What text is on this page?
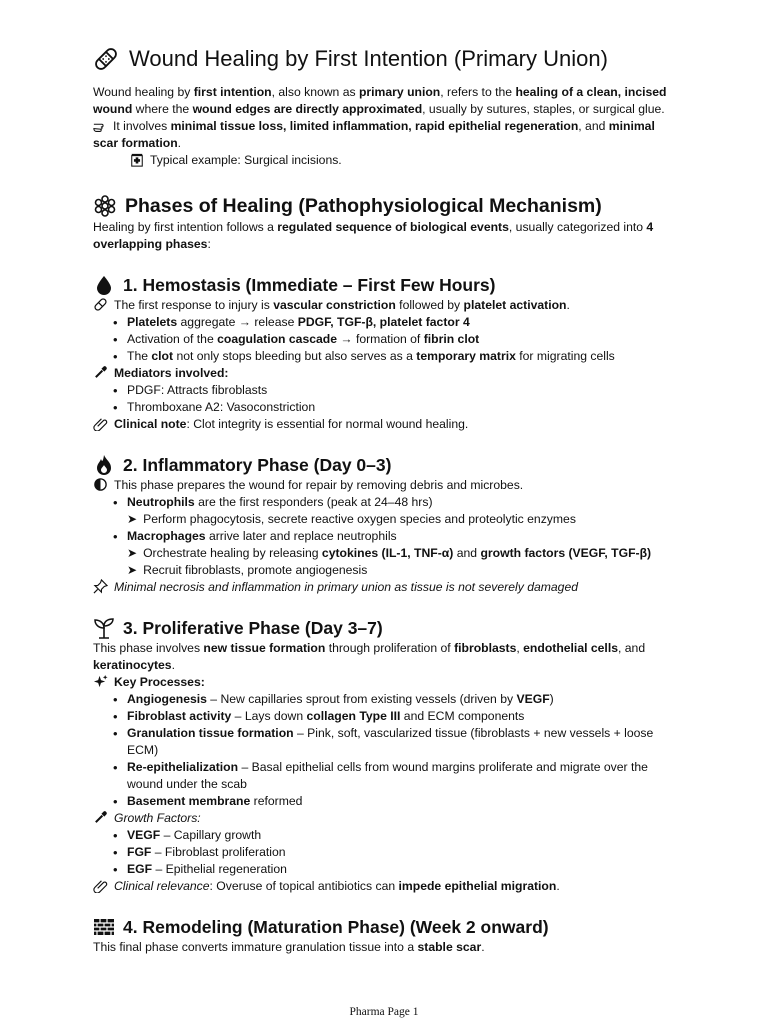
Wound Healing by First Intention (Primary Union)

Wound healing by first intention, also known as primary union, refers to the healing of a clean, incised wound where the wound edges are directly approximated, usually by sutures, staples, or surgical glue.

It involves minimal tissue loss, limited inflammation, rapid epithelial regeneration, and minimal scar formation.

Typical example: Surgical incisions.

Phases of Healing (Pathophysiological Mechanism)

Healing by first intention follows a regulated sequence of biological events, usually categorized into 4 overlapping phases:

1. Hemostasis (Immediate – First Few Hours)

The first response to injury is vascular constriction followed by platelet activation.

• Platelets aggregate → release PDGF, TGF-β, platelet factor 4
• Activation of the coagulation cascade → formation of fibrin clot
• The clot not only stops bleeding but also serves as a temporary matrix for migrating cells

Mediators involved:

• PDGF: Attracts fibroblasts
• Thromboxane A2: Vasoconstriction

Clinical note: Clot integrity is essential for normal wound healing.

2. Inflammatory Phase (Day 0–3)

This phase prepares the wound for repair by removing debris and microbes.

• Neutrophils are the first responders (peak at 24–48 hrs)
➤ Perform phagocytosis, secrete reactive oxygen species and proteolytic enzymes
• Macrophages arrive later and replace neutrophils
➤ Orchestrate healing by releasing cytokines (IL-1, TNF-α) and growth factors (VEGF, TGF-β)
➤ Recruit fibroblasts, promote angiogenesis

Minimal necrosis and inflammation in primary union as tissue is not severely damaged

3. Proliferative Phase (Day 3–7)

This phase involves new tissue formation through proliferation of fibroblasts, endothelial cells, and keratinocytes.

Key Processes:

• Angiogenesis – New capillaries sprout from existing vessels (driven by VEGF)
• Fibroblast activity – Lays down collagen Type III and ECM components
• Granulation tissue formation – Pink, soft, vascularized tissue (fibroblasts + new vessels + loose ECM)
• Re-epithelialization – Basal epithelial cells from wound margins proliferate and migrate over the wound under the scab
• Basement membrane reformed

Growth Factors:

• VEGF – Capillary growth
• FGF – Fibroblast proliferation
• EGF – Epithelial regeneration

Clinical relevance: Overuse of topical antibiotics can impede epithelial migration.

4. Remodeling (Maturation Phase) (Week 2 onward)

This final phase converts immature granulation tissue into a stable scar.

Pharma Page 1
